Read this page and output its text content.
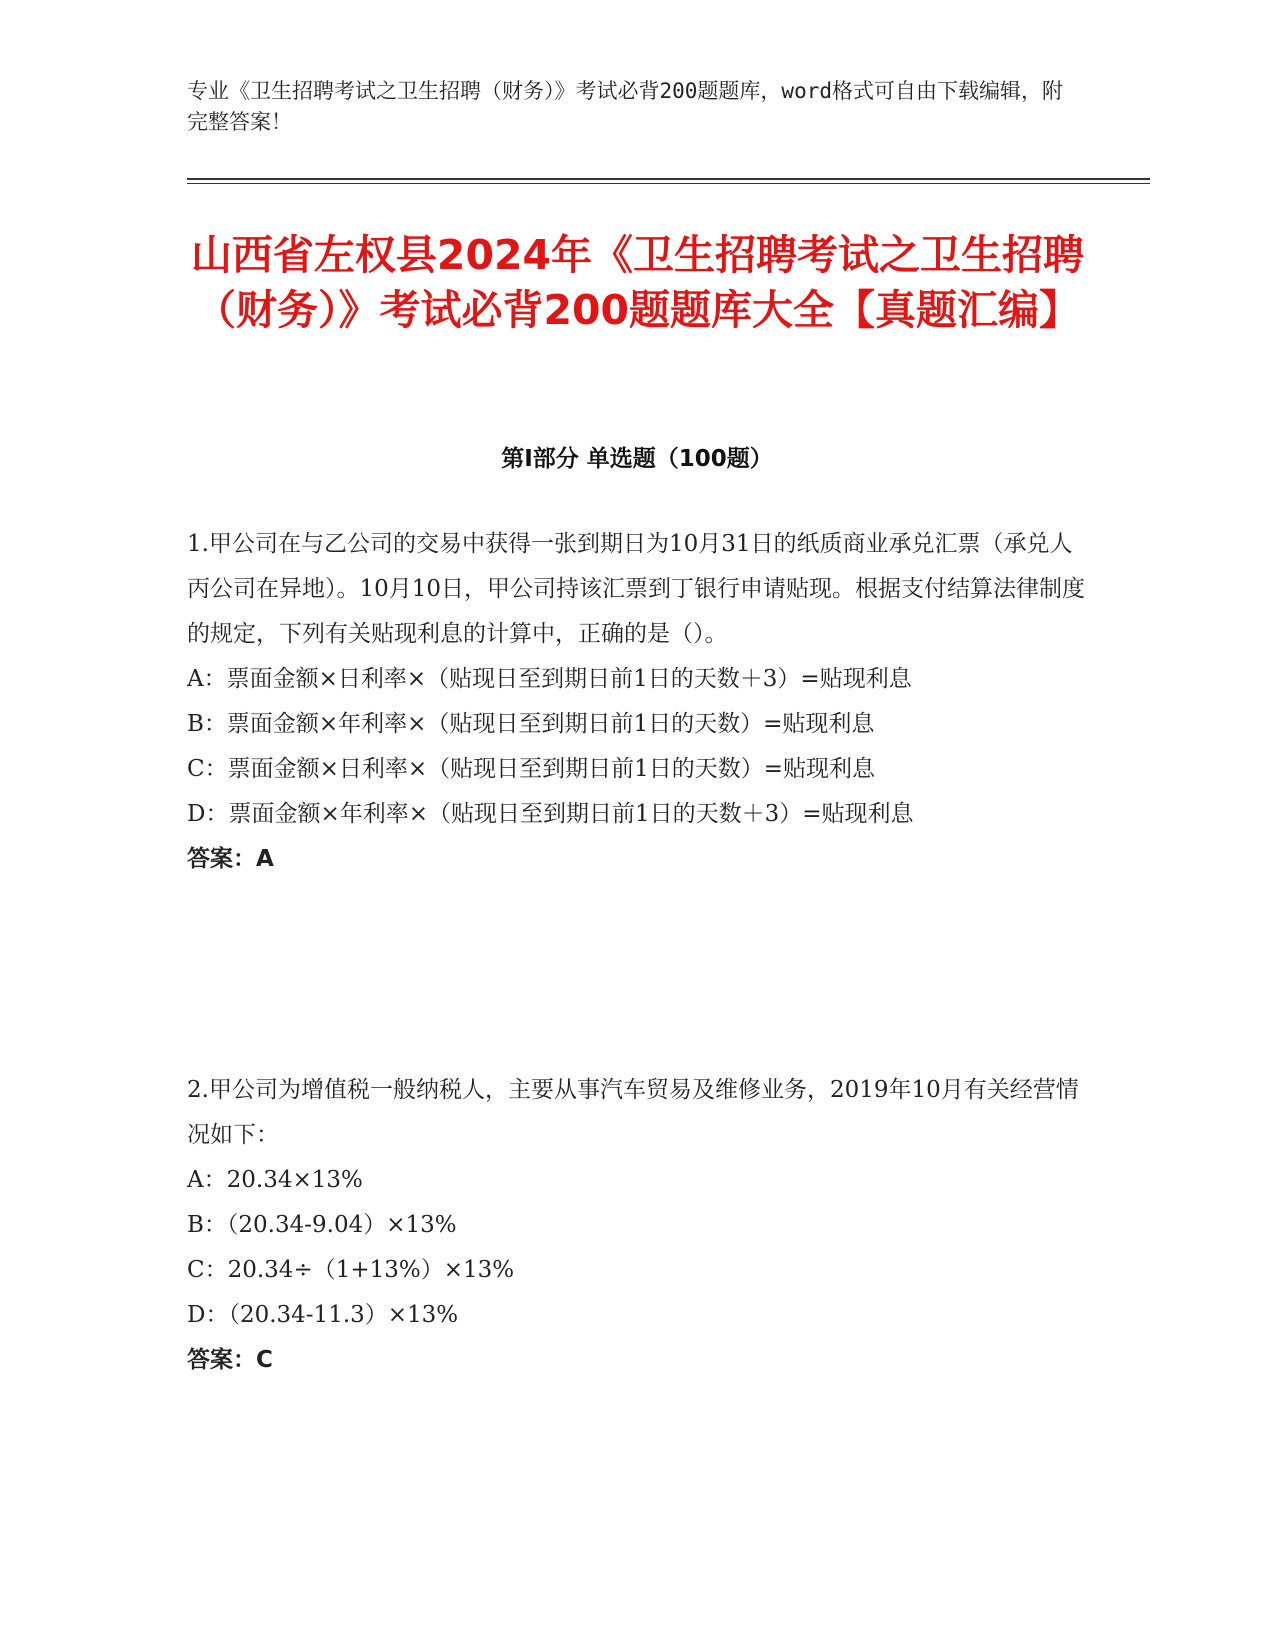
专业《卫生招聘考试之卫生招聘（财务）》考试必背200题题库，word格式可自由下载编辑，附完整答案！
山西省左权县2024年《卫生招聘考试之卫生招聘（财务）》考试必背200题题库大全【真题汇编】
第I部分 单选题（100题）

1.甲公司在与乙公司的交易中获得一张到期日为10月31日的纸质商业承兑汇票（承兑人丙公司在异地）。10月10日，甲公司持该汇票到丁银行申请贴现。根据支付结算法律制度的规定，下列有关贴现利息的计算中，正确的是（）。

A：票面金额×日利率×（贴现日至到期日前1日的天数＋3）=贴现利息

B：票面金额×年利率×（贴现日至到期日前1日的天数）=贴现利息

C：票面金额×日利率×（贴现日至到期日前1日的天数）=贴现利息

D：票面金额×年利率×（贴现日至到期日前1日的天数＋3）=贴现利息

答案：A

2.甲公司为增值税一般纳税人，主要从事汽车贸易及维修业务，2019年10月有关经营情况如下：

A：20.34×13%

B：（20.34-9.04）×13%

C：20.34÷（1+13%）×13%

D：（20.34-11.3）×13%

答案：C
